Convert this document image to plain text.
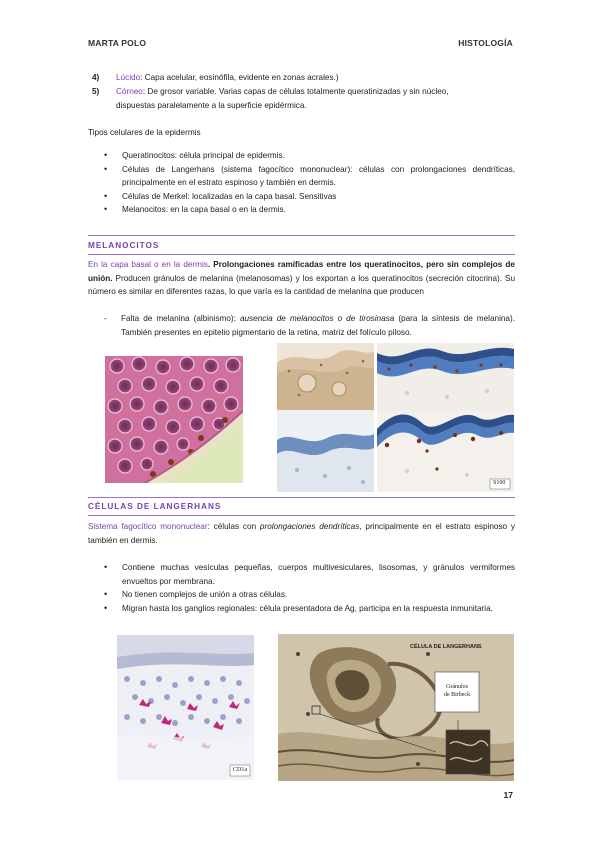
MARTA POLO	HISTOLOGÍA
4) Lúcido: Capa acelular, eosinófila, evidente en zonas acrales.)
5) Córneo: De grosor variable. Varias capas de células totalmente queratinizadas y sin núcleo,
dispuestas paralelamente a la superficie epidérmica.
Tipos celulares de la epidermis
• Queratinocitos: célula principal de epidermis.
• Células de Langerhans (sistema fagocítico mononuclear): células con prolongaciones dendríticas, principalmente en el estrato espinoso y también en dermis.
• Células de Merkel: localizadas en la capa basal. Sensitivas
• Melanocitos: en la capa basal o en la dermis.
MELANOCITOS
En la capa basal o en la dermis. Prolongaciones ramificadas entre los queratinocitos, pero sin complejos de unión. Producen gránulos de melanina (melanosomas) y los exportan a los queratinocitos (secreción citocrina). Su número es similar en diferentes razas, lo que varía es la cantidad de melanina que producen
-	Falta de melanina (albinismo): ausencia de melanocitos o de tirosinasa (para la síntesis de melanina). También presentes en epitelio pigmentario de la retina, matriz del folículo piloso.
S100
CÉLULAS DE LANGERHANS
Sistema fagocítico mononuclear: células con prolongaciones dendríticas, principalmente en el estrato espinoso y también en dermis.
• Contiene muchas vesículas pequeñas, cuerpos multivesiculares, lisosomas, y gránulos vermiformes envueltos por membrana.
• No tienen complejos de unión a otras células.
• Migran hasta los ganglios regionales: célula presentadora de Ag, participa en la respuesta inmunitaria.
CD1a
CÉLULA DE LANGERHANS
Gránulos
de Birbeck
17
